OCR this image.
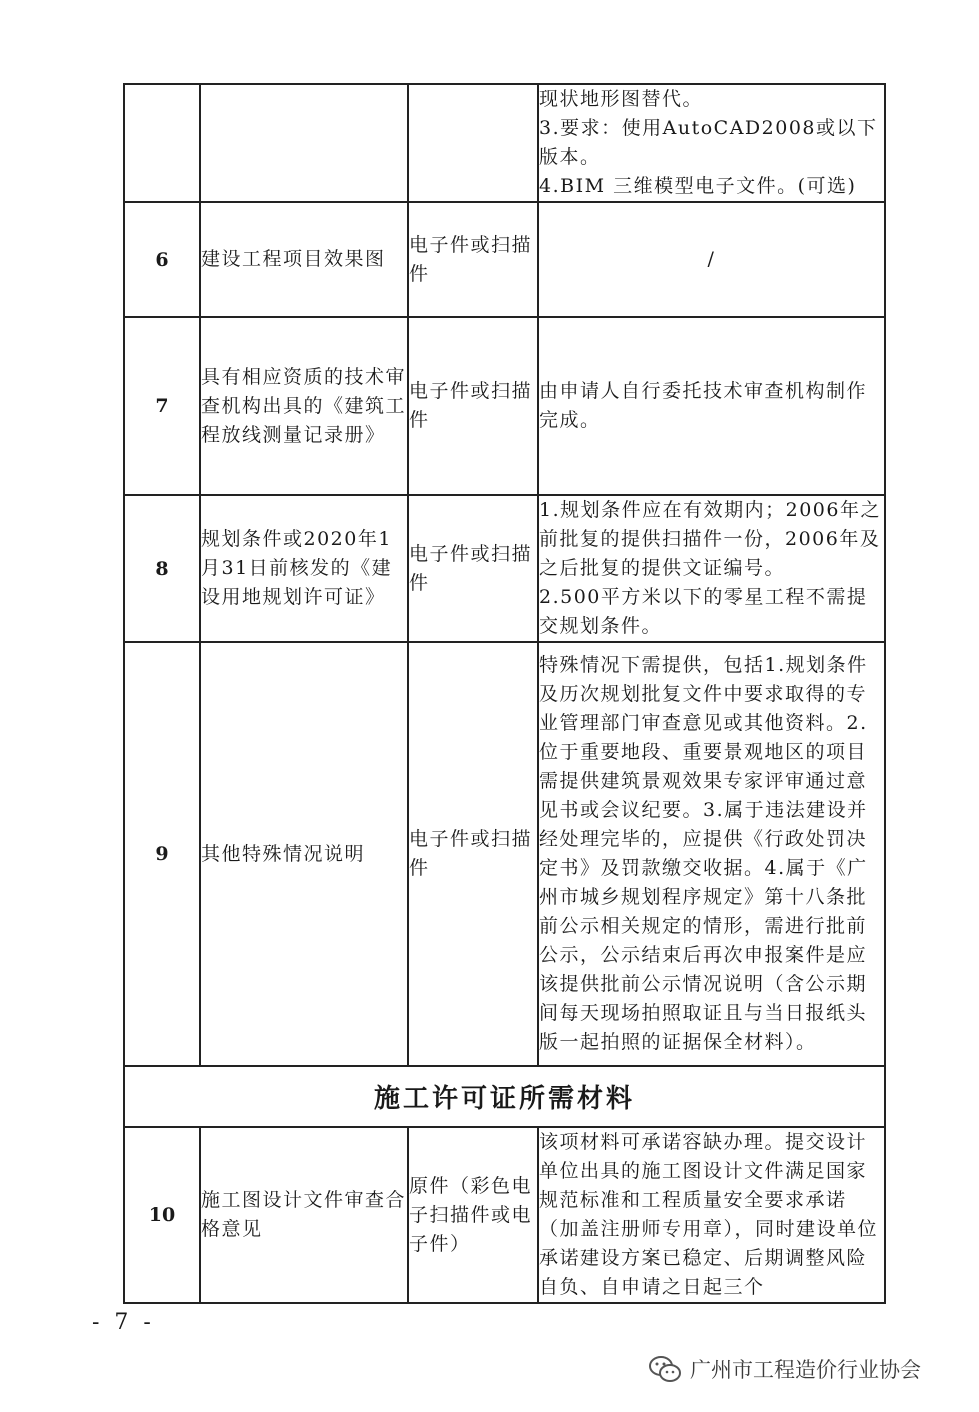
			现状地形图替代。
3.要求：使用AutoCAD2008或以下版本。
4.BIM 三维模型电子文件。(可选)
6	建设工程项目效果图	电子件或扫描件	/
7	具有相应资质的技术审查机构出具的《建筑工程放线测量记录册》	电子件或扫描件	由申请人自行委托技术审查机构制作完成。
8	规划条件或2020年1月31日前核发的《建设用地规划许可证》	电子件或扫描件	1.规划条件应在有效期内；2006年之前批复的提供扫描件一份，2006年及之后批复的提供文证编号。
2.500平方米以下的零星工程不需提交规划条件。
9	其他特殊情况说明	电子件或扫描件	特殊情况下需提供，包括1.规划条件及历次规划批复文件中要求取得的专业管理部门审查意见或其他资料。2.位于重要地段、重要景观地区的项目需提供建筑景观效果专家评审通过意见书或会议纪要。3.属于违法建设并经处理完毕的，应提供《行政处罚决定书》及罚款缴交收据。4.属于《广州市城乡规划程序规定》第十八条批前公示相关规定的情形，需进行批前公示，公示结束后再次申报案件是应该提供批前公示情况说明（含公示期间每天现场拍照取证且与当日报纸头版一起拍照的证据保全材料）。
施工许可证所需材料			
10	施工图设计文件审查合格意见	原件（彩色电子扫描件或电子件）	该项材料可承诺容缺办理。提交设计单位出具的施工图设计文件满足国家规范标准和工程质量安全要求承诺（加盖注册师专用章），同时建设单位承诺建设方案已稳定、后期调整风险自负、自申请之日起三个
- 7 -
广州市工程造价行业协会
